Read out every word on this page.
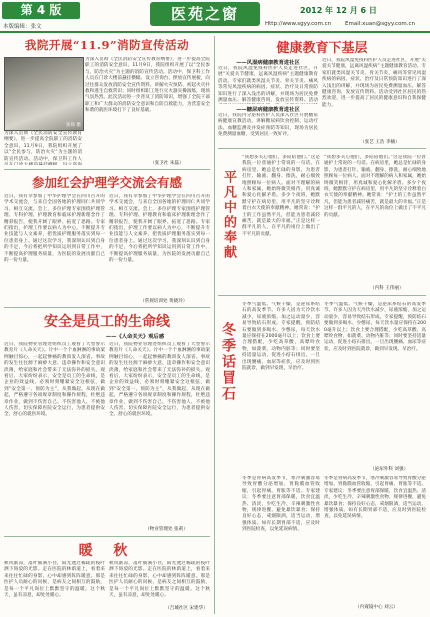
第 4 版
本版编辑：张文
医苑之窗	2012 年 12 月 6 日
Http://www.sgyy.com.cn	Email:xuan@sgyy.com.cn
我院开展“11.9”消防宣传活动
张扬 摄
为深入贯彻《全民消防安全宣传教育纲要》，进一步提高全院职工的消防安全意识，11月9日，我院组织开展了以“全民参与，防治火灾”为主题的消防宣传活动。活动中，保卫科工作人
为深入贯彻《全民消防安全宣传教育纲要》，进一步提高全院职工的消防安全意识，11月9日，我院组织开展了以“全民参与，防治火灾”为主题的消防宣传活动。活动中，保卫科工作人员在门诊大楼前悬挂横幅、设立咨询台、摆放宣传展板，向过往群众发放消防安全宣传资料，讲解火灾预防、初起火灾扑救和逃生自救常识；同时组织职工进行灭火器实操演练，现场气氛热烈。此次活动进一步普及了消防知识，增强了全院干部职工和广大群众的消防安全意识和自防自救能力，为营造安全和谐的就医环境打下了良好基础。
（张卫社 朱磊）
参加红会护理学交流会有感
近日，我有幸参加了中华护理学会在四川召开的学术交流会，与来自全国各地的护理同仁共同学习、相互交流。会上，多位护理专家围绕护理管理、专科护理、护理教育和临床护理新理念作了精彩报告，使我开阔了眼界、拓宽了思路。专家们指出，护理工作要以病人为中心，不断提升专业技能与人文素养，把优质护理服务落实到每一位患者身上。通过这次学习，我深刻认识到自身的不足，今后将把所学知识运用到日常工作中，不断提高护理服务质量，为医院的发展贡献自己的一份力量。
近日，我有幸参加了中华护理学会在四川召开的学术交流会，与来自全国各地的护理同仁共同学习、相互交流。会上，多位护理专家围绕护理管理、专科护理、护理教育和临床护理新理念作了精彩报告，使我开阔了眼界、拓宽了思路。专家们指出，护理工作要以病人为中心，不断提升专业技能与人文素养，把优质护理服务落实到每一位患者身上。通过这次学习，我深刻认识到自身的不足，今后将把所学知识运用到日常工作中，不断提高护理服务质量，为医院的发展贡献自己的一份力量。
（常规培训处 黄晓玲）
安全是员工的生命线
——《人命关天》观后感
近日，我院物业管理处组织员工观看了大型警示教育片《人命关天》。片中一个个血淋淋的事故案例触目惊心，一起起惨痛的教训发人深省。事故的发生往往源于麻痹大意、违章操作和安全意识淡薄，给家庭和社会带来了无法弥补的损失。观看后，大家纷纷表示，安全是员工的生命线，是企业的效益线，必须时刻绷紧安全这根弦，做到“安全第一、预防为主”，从我做起、从现在做起，严格遵守各项规章制度和操作规程，杜绝违章作业，做到不伤害自己、不伤害他人、不被他人伤害，切实保障医院安全运行，为患者提供安全、舒心的就医环境。
近日，我院物业管理处组织员工观看了大型警示教育片《人命关天》。片中一个个血淋淋的事故案例触目惊心，一起起惨痛的教训发人深省。事故的发生往往源于麻痹大意、违章操作和安全意识淡薄，给家庭和社会带来了无法弥补的损失。观看后，大家纷纷表示，安全是员工的生命线，是企业的效益线，必须时刻绷紧安全这根弦，做到“安全第一、预防为主”，从我做起、从现在做起，严格遵守各项规章制度和操作规程，杜绝违章作业，做到不伤害自己、不伤害他人、不被他人伤害，切实保障医院安全运行，为患者提供安全、舒心的就医环境。
（物业管理处 张莉）
暖 秋
秋风渐凉，落叶铺满小径，阳光透过稀疏的枝叶洒下斑驳的光影。走在医院的林荫道上，看着来来往往忙碌的身影，心中却感到阵阵暖意。那是医护人员耐心的问候，是病友之间相互的鼓励，是每一个平凡岗位上默默坚守的温暖。这个秋天，虽有凉意，却处处暖心。
秋风渐凉，落叶铺满小径，阳光透过稀疏的枝叶洒下斑驳的光影。走在医院的林荫道上，看着来来往往忙碌的身影，心中却感到阵阵暖意。那是医护人员耐心的问候，是病友之间相互的鼓励，是每一个平凡岗位上默默坚守的温暖。这个秋天，虽有凉意，却处处暖心。
（吉城社区 宋建华）
健康教育下基层
——风湿病健康教育进社区
近日，我院风湿免疫科医护人员走进社区，开展“关爱关节健康，远离风湿疾病”主题健康教育活动。专家们就类风湿关节炎、骨关节炎、痛风等常见风湿疾病的病因、症状、治疗及日常预防知识进行了深入浅出的讲解，并现场为居民免费测量血压、解答健康咨询、发放宣传资料。活动
——糖尿病健康教育进社区
近日，我院内分泌科医护人员深入社区开展糖尿病健康宣教活动，讲解糖尿病饮食控制、运动疗法、血糖监测及并发症预防等知识，现场为居民免费测量血糖，受到居民一致好评。
近日，我院风湿免疫科医护人员走进社区，开展“关爱关节健康，远离风湿疾病”主题健康教育活动。专家们就类风湿关节炎、骨关节炎、痛风等常见风湿疾病的病因、症状、治疗及日常预防知识进行了深入浅出的讲解，并现场为居民免费测量血压、解答健康咨询、发放宣传资料。活动受到社区居民的热烈欢迎，进一步提高了居民的健康意识和自我保健能力。
（张艺 王浩 李楠）
平凡中的奉献
“我想多关心他们，多陪陪他们。”这是我院一位普通护士常说的一句话。在病房里，她总是忙碌的身影，为患者打针、输液、翻身、擦洗，耐心细致地照顾每一位病人。面对不理解的病人和家属，她始终微笑相待，用真诚和爱心化解矛盾。多少个夜班，她默默守护在病房里，用平凡的坚守诠释着白衣天使的奉献精神。她常说：“护士的工作虽然平凡，但能为患者减轻痛苦，就是最大的幸福。”正是这样一群平凡的人，在平凡的岗位上做出了不平凡的贡献。
“我想多关心他们，多陪陪他们。”这是我院一位普通护士常说的一句话。在病房里，她总是忙碌的身影，为患者打针、输液、翻身、擦洗，耐心细致地照顾每一位病人。面对不理解的病人和家属，她始终微笑相待，用真诚和爱心化解矛盾。多少个夜班，她默默守护在病房里，用平凡的坚守诠释着白衣天使的奉献精神。她常说：“护士的工作虽然平凡，但能为患者减轻痛苦，就是最大的幸福。”正是这样一群平凡的人，在平凡的岗位上做出了不平凡的贡献。
（内科 王伟丽）
冬季话冒石
冬季气温低、气候干燥，是泌尿系结石的高发季节。许多人因为天冷饮水减少，尿液浓缩，加之运动量少，容易导致结石形成。专家提醒，预防结石要做到多喝水、少憋尿，每天饮水量应保持在2000毫升以上；饮食上要合理搭配，少吃高草酸、高嘌呤食物，如菠菜、动物内脏等；同时要坚持适量运动，促进小结石排出。一旦出现腰痛、血尿等症状，应及时到医院就诊，做到早发现、早治疗。
冬季气温低、气候干燥，是泌尿系结石的高发季节。许多人因为天冷饮水减少，尿液浓缩，加之运动量少，容易导致结石形成。专家提醒，预防结石要做到多喝水、少憋尿，每天饮水量应保持在2000毫升以上；饮食上要合理搭配，少吃高草酸、高嘌呤食物，如菠菜、动物内脏等；同时要坚持适量运动，促进小结石排出。一旦出现腰痛、血尿等症状，应及时到医院就诊，做到早发现、早治疗。
（泌尿外科 刘强）
冬季是胃病高发季节，寒冷刺激容易导致胃酸分泌增加，胃黏膜血管收缩，引起胃痛、胃胀等不适。专家建议：冬季要注意胃部保暖，饮食宜温热、清淡，少吃生冷、辛辣刺激性食物，规律进餐，避免暴饮暴食；保持良好心态，戒烟限酒，适当运动，增强体质。如有长期胃部不适，应及时到医院检查，以免延误病情。
冬季是胃病高发季节，寒冷刺激容易导致胃酸分泌增加，胃黏膜血管收缩，引起胃痛、胃胀等不适。专家建议：冬季要注意胃部保暖，饮食宜温热、清淡，少吃生冷、辛辣刺激性食物，规律进餐，避免暴饮暴食；保持良好心态，戒烟限酒，适当运动，增强体质。如有长期胃部不适，应及时到医院检查，以免延误病情。
（内窥镜中心 刘云）
